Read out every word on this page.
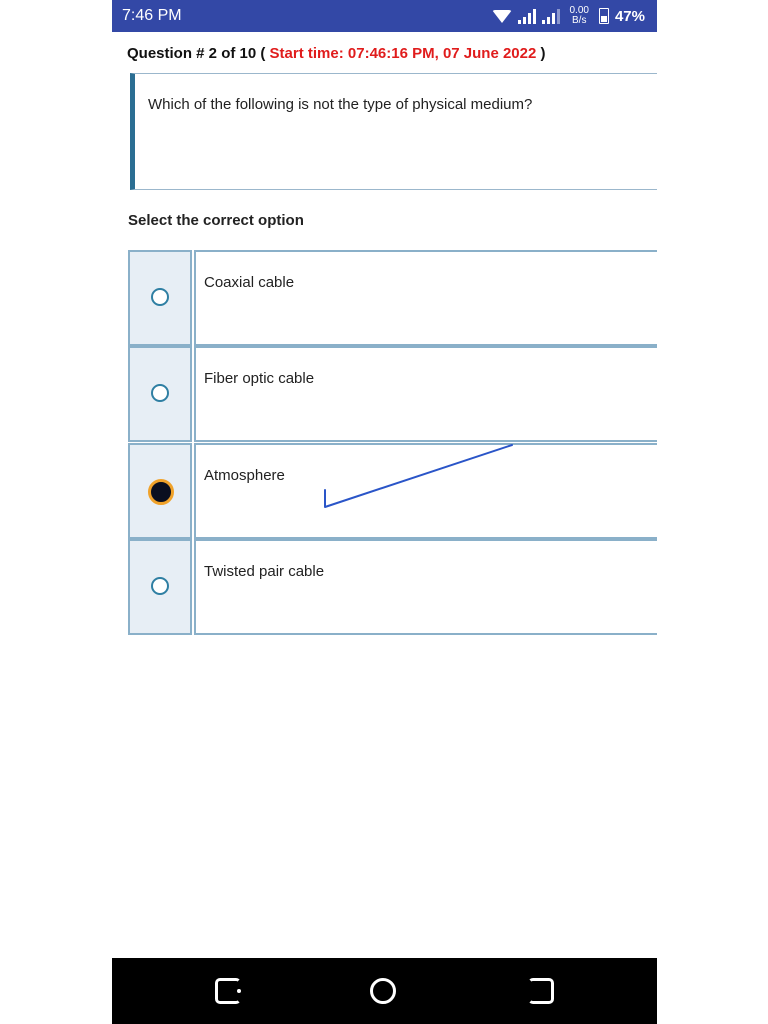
7:46 PM	0.00
B/s 47%
Question # 2 of 10 ( Start time: 07:46:16 PM, 07 June 2022 )
Which of the following is not the type of physical medium?
Select the correct option
Coaxial cable
Fiber optic cable
Atmosphere
Twisted pair cable
